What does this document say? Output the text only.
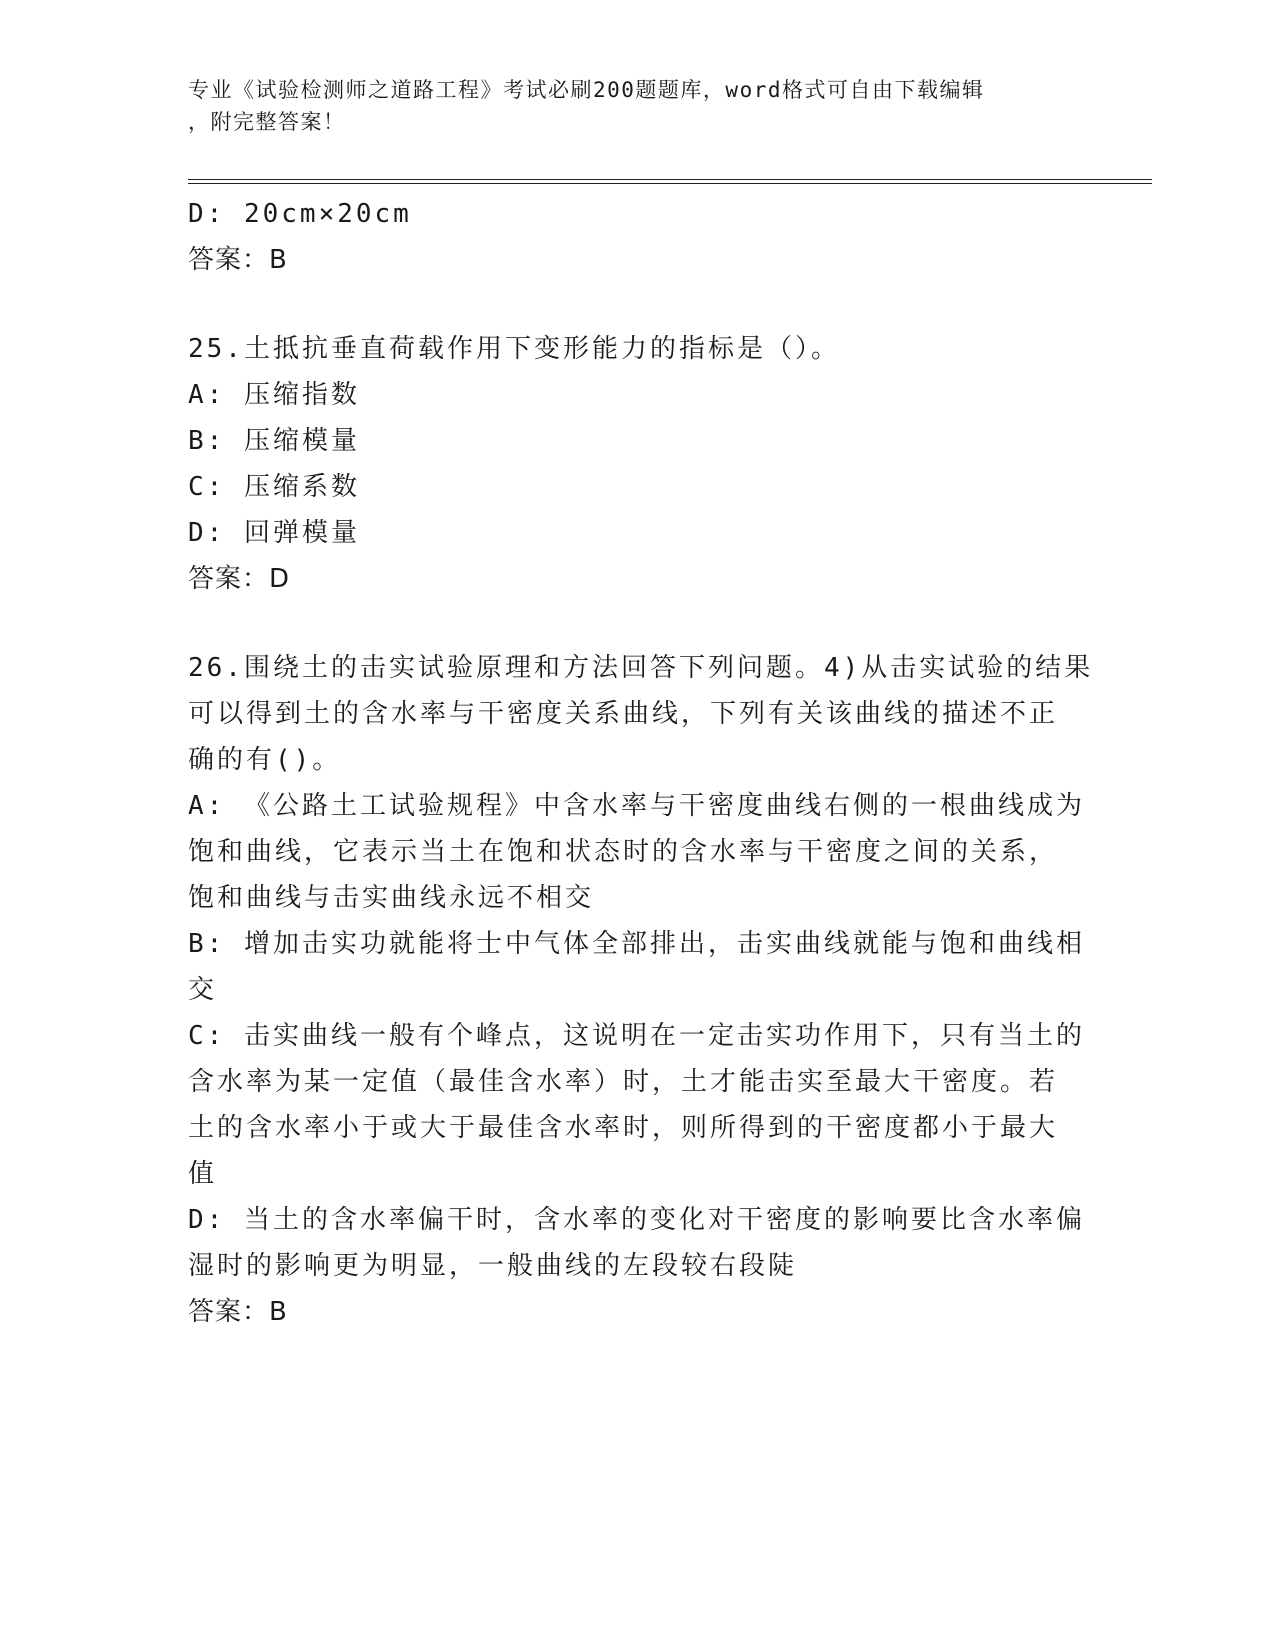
专业《试验检测师之道路工程》考试必刷200题题库，word格式可自由下载编辑
，附完整答案！
D: 20cm×20cm
答案：B
25.土抵抗垂直荷载作用下变形能力的指标是（）。
A: 压缩指数
B: 压缩模量
C: 压缩系数
D: 回弹模量
答案：D
26.围绕土的击实试验原理和方法回答下列问题。4)从击实试验的结果
可以得到土的含水率与干密度关系曲线，下列有关该曲线的描述不正
确的有()。
A: 《公路土工试验规程》中含水率与干密度曲线右侧的一根曲线成为
饱和曲线，它表示当土在饱和状态时的含水率与干密度之间的关系，
饱和曲线与击实曲线永远不相交
B: 增加击实功就能将士中气体全部排出，击实曲线就能与饱和曲线相
交
C: 击实曲线一般有个峰点，这说明在一定击实功作用下，只有当土的
含水率为某一定值（最佳含水率）时，土才能击实至最大干密度。若
土的含水率小于或大于最佳含水率时，则所得到的干密度都小于最大
值
D: 当土的含水率偏干时，含水率的变化对干密度的影响要比含水率偏
湿时的影响更为明显，一般曲线的左段较右段陡
答案：B
